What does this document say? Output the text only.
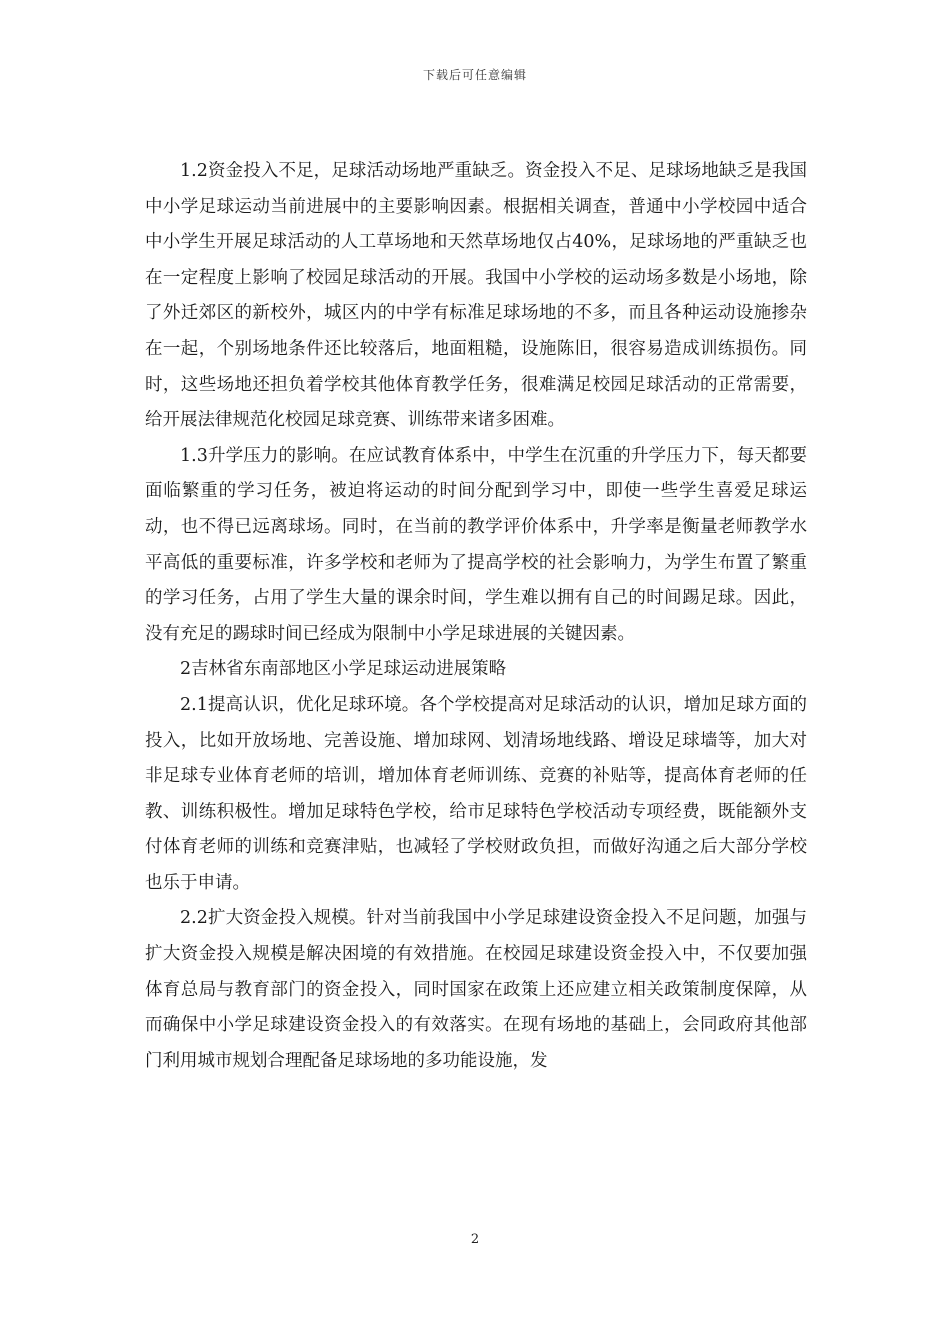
下载后可任意编辑

1.2资金投入不足，足球活动场地严重缺乏。资金投入不足、足球场地缺乏是我国中小学足球运动当前进展中的主要影响因素。根据相关调查，普通中小学校园中适合中小学生开展足球活动的人工草场地和天然草场地仅占40%，足球场地的严重缺乏也在一定程度上影响了校园足球活动的开展。我国中小学校的运动场多数是小场地，除了外迁郊区的新校外，城区内的中学有标准足球场地的不多，而且各种运动设施掺杂在一起，个别场地条件还比较落后，地面粗糙，设施陈旧，很容易造成训练损伤。同时，这些场地还担负着学校其他体育教学任务，很难满足校园足球活动的正常需要，给开展法律规范化校园足球竞赛、训练带来诸多困难。

1.3升学压力的影响。在应试教育体系中，中学生在沉重的升学压力下，每天都要面临繁重的学习任务，被迫将运动的时间分配到学习中，即使一些学生喜爱足球运动，也不得已远离球场。同时，在当前的教学评价体系中，升学率是衡量老师教学水平高低的重要标准，许多学校和老师为了提高学校的社会影响力，为学生布置了繁重的学习任务，占用了学生大量的课余时间，学生难以拥有自己的时间踢足球。因此，没有充足的踢球时间已经成为限制中小学足球进展的关键因素。

2吉林省东南部地区小学足球运动进展策略

2.1提高认识，优化足球环境。各个学校提高对足球活动的认识，增加足球方面的投入，比如开放场地、完善设施、增加球网、划清场地线路、增设足球墙等，加大对非足球专业体育老师的培训，增加体育老师训练、竞赛的补贴等，提高体育老师的任教、训练积极性。增加足球特色学校，给市足球特色学校活动专项经费，既能额外支付体育老师的训练和竞赛津贴，也减轻了学校财政负担，而做好沟通之后大部分学校也乐于申请。

2.2扩大资金投入规模。针对当前我国中小学足球建设资金投入不足问题，加强与扩大资金投入规模是解决困境的有效措施。在校园足球建设资金投入中，不仅要加强体育总局与教育部门的资金投入，同时国家在政策上还应建立相关政策制度保障，从而确保中小学足球建设资金投入的有效落实。在现有场地的基础上，会同政府其他部门利用城市规划合理配备足球场地的多功能设施，发

2
